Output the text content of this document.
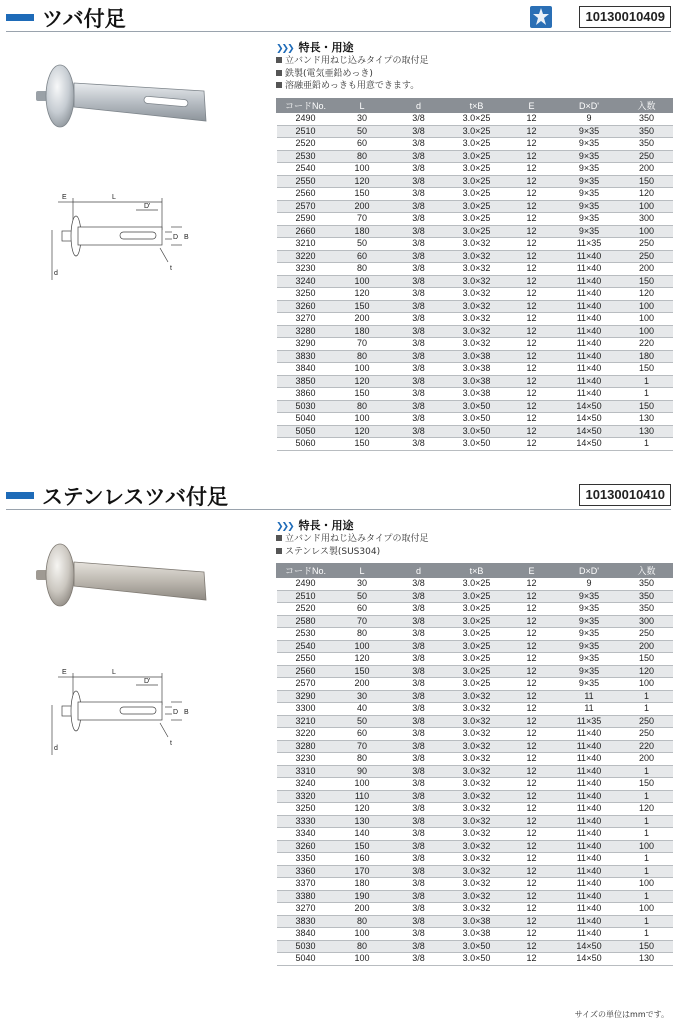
ツバ付足	10130010409
E	L
D'
D B
d
t
❯❯❯ 特長・用途
立バンド用ねじ込みタイプの取付足
鉄製(電気亜鉛めっき)
溶融亜鉛めっきも用意できます。
コードNo.	L	d	t×B	E	D×D'	入数
2490	30	3/8	3.0×25	12	9	350
2510	50	3/8	3.0×25	12	9×35	350
2520	60	3/8	3.0×25	12	9×35	350
2530	80	3/8	3.0×25	12	9×35	250
2540	100	3/8	3.0×25	12	9×35	200
2550	120	3/8	3.0×25	12	9×35	150
2560	150	3/8	3.0×25	12	9×35	120
2570	200	3/8	3.0×25	12	9×35	100
2590	70	3/8	3.0×25	12	9×35	300
2660	180	3/8	3.0×25	12	9×35	100
3210	50	3/8	3.0×32	12	11×35	250
3220	60	3/8	3.0×32	12	11×40	250
3230	80	3/8	3.0×32	12	11×40	200
3240	100	3/8	3.0×32	12	11×40	150
3250	120	3/8	3.0×32	12	11×40	120
3260	150	3/8	3.0×32	12	11×40	100
3270	200	3/8	3.0×32	12	11×40	100
3280	180	3/8	3.0×32	12	11×40	100
3290	70	3/8	3.0×32	12	11×40	220
3830	80	3/8	3.0×38	12	11×40	180
3840	100	3/8	3.0×38	12	11×40	150
3850	120	3/8	3.0×38	12	11×40	1
3860	150	3/8	3.0×38	12	11×40	1
5030	80	3/8	3.0×50	12	14×50	150
5040	100	3/8	3.0×50	12	14×50	130
5050	120	3/8	3.0×50	12	14×50	130
5060	150	3/8	3.0×50	12	14×50	1
ステンレスツバ付足	10130010410
E	L
D'
D B
d
t
❯❯❯ 特長・用途
立バンド用ねじ込みタイプの取付足
ステンレス製(SUS304)
コードNo.	L	d	t×B	E	D×D'	入数
2490	30	3/8	3.0×25	12	9	350
2510	50	3/8	3.0×25	12	9×35	350
2520	60	3/8	3.0×25	12	9×35	350
2580	70	3/8	3.0×25	12	9×35	300
2530	80	3/8	3.0×25	12	9×35	250
2540	100	3/8	3.0×25	12	9×35	200
2550	120	3/8	3.0×25	12	9×35	150
2560	150	3/8	3.0×25	12	9×35	120
2570	200	3/8	3.0×25	12	9×35	100
3290	30	3/8	3.0×32	12	11	1
3300	40	3/8	3.0×32	12	11	1
3210	50	3/8	3.0×32	12	11×35	250
3220	60	3/8	3.0×32	12	11×40	250
3280	70	3/8	3.0×32	12	11×40	220
3230	80	3/8	3.0×32	12	11×40	200
3310	90	3/8	3.0×32	12	11×40	1
3240	100	3/8	3.0×32	12	11×40	150
3320	110	3/8	3.0×32	12	11×40	1
3250	120	3/8	3.0×32	12	11×40	120
3330	130	3/8	3.0×32	12	11×40	1
3340	140	3/8	3.0×32	12	11×40	1
3260	150	3/8	3.0×32	12	11×40	100
3350	160	3/8	3.0×32	12	11×40	1
3360	170	3/8	3.0×32	12	11×40	1
3370	180	3/8	3.0×32	12	11×40	100
3380	190	3/8	3.0×32	12	11×40	1
3270	200	3/8	3.0×32	12	11×40	100
3830	80	3/8	3.0×38	12	11×40	1
3840	100	3/8	3.0×38	12	11×40	1
5030	80	3/8	3.0×50	12	14×50	150
5040	100	3/8	3.0×50	12	14×50	130
サイズの単位はmmです。
